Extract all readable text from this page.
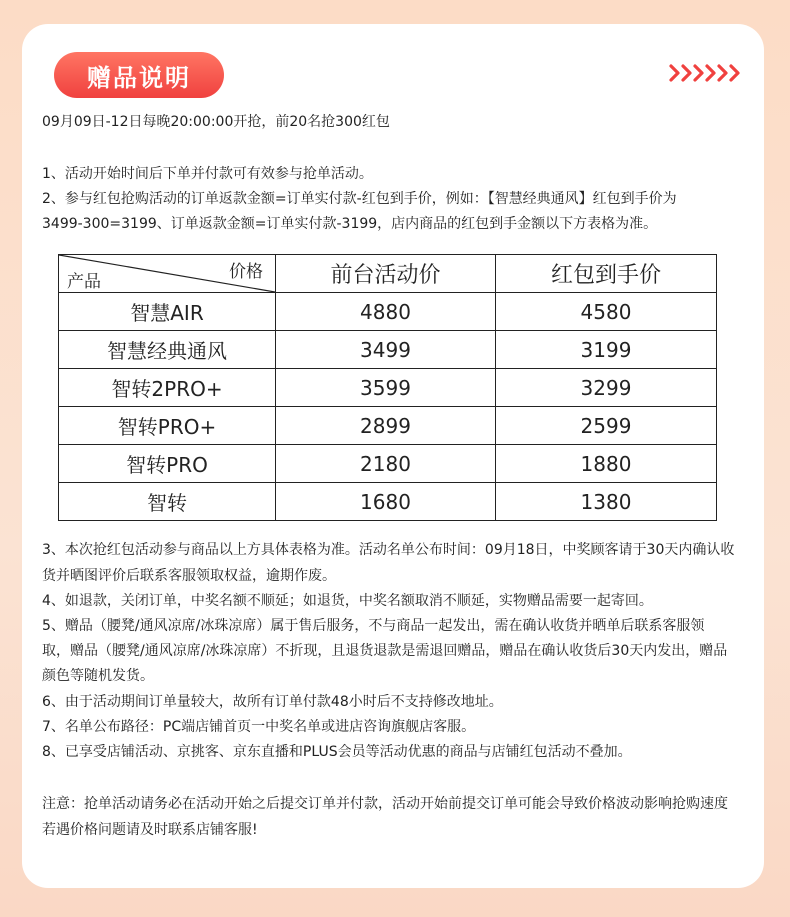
赠品说明
09月09日-12日每晚20:00:00开抢，前20名抢300红包
1、活动开始时间后下单并付款可有效参与抢单活动。
2、参与红包抢购活动的订单返款金额=订单实付款-红包到手价，例如：【智慧经典通风】红包到手价为
3499-300=3199、订单返款金额=订单实付款-3199，店内商品的红包到手金额以下方表格为准。
价格
产品	前台活动价	红包到手价
智慧AIR	4880	4580
智慧经典通风	3499	3199
智转2PRO+	3599	3299
智转PRO+	2899	2599
智转PRO	2180	1880
智转	1680	1380
3、本次抢红包活动参与商品以上方具体表格为准。活动名单公布时间：09月18日，中奖顾客请于30天内确认收
货并晒图评价后联系客服领取权益，逾期作废。
4、如退款，关闭订单，中奖名额不顺延；如退货，中奖名额取消不顺延，实物赠品需要一起寄回。
5、赠品（腰凳/通风凉席/冰珠凉席）属于售后服务，不与商品一起发出，需在确认收货并晒单后联系客服领
取，赠品（腰凳/通风凉席/冰珠凉席）不折现，且退货退款是需退回赠品，赠品在确认收货后30天内发出，赠品
颜色等随机发货。
6、由于活动期间订单量较大，故所有订单付款48小时后不支持修改地址。
7、名单公布路径：PC端店铺首页一中奖名单或进店咨询旗舰店客服。
8、已享受店铺活动、京挑客、京东直播和PLUS会员等活动优惠的商品与店铺红包活动不叠加。
注意：抢单活动请务必在活动开始之后提交订单并付款，活动开始前提交订单可能会导致价格波动影响抢购速度
若遇价格问题请及时联系店铺客服!
